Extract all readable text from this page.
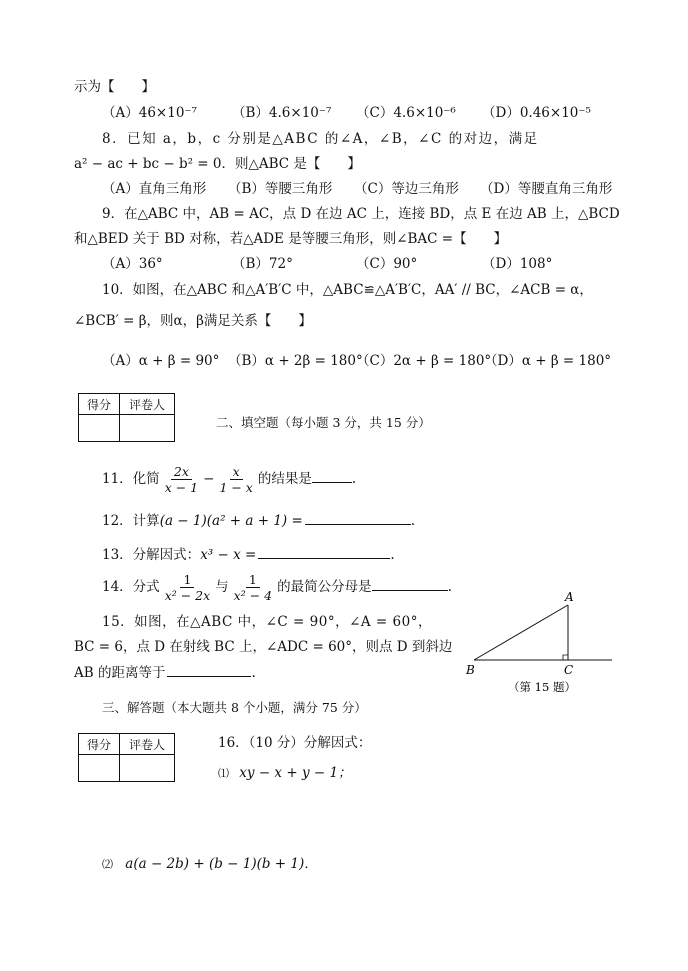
示为【　　】
（A）46×10⁻⁷	（B）4.6×10⁻⁷ （C）4.6×10⁻⁶ （D）0.46×10⁻⁵
8．已知 a，b，c 分别是△ABC 的∠A，∠B，∠C 的对边，满足
a² − ac + bc − b² = 0．则△ABC 是【　　】
（A）直角三角形 （B）等腰三角形 （C）等边三角形 （D）等腰直角三角形
9．在△ABC 中，AB = AC，点 D 在边 AC 上，连接 BD，点 E 在边 AB 上，△BCD
和△BED 关于 BD 对称，若△ADE 是等腰三角形，则∠BAC =【　　】
（A）36°	（B）72°	（C）90°	（D）108°
10．如图，在△ABC 和△A′B′C 中，△ABC≌△A′B′C，AA′ // BC，∠ACB = α，
∠BCB′ = β，则α，β满足关系【　　】
（A）α + β = 90° （B）α + 2β = 180°
（C）2α + β = 180°
（D）α + β = 180°
得分	评卷人

二、填空题（每小题 3 分，共 15 分）
11．化简 $\frac{2x}{x - 1} - \frac{x}{1 - x}$ 的结果是	.
12．计算(a − 1)(a² + a + 1) =	.
13．分解因式：x³ − x =	.
14．分式 $\frac{1}{\text{x² − 2x}}$ 与 $\frac{1}{\text{x² − 4}}$ 的最简公分母是	.
15．如图，在△ABC 中，∠C = 90°，∠A = 60°，
BC = 6，点 D 在射线 BC 上，∠ADC = 60°，则点 D 到斜边
AB 的距离等于	.
A
B	C
（第 15 题）
三、解答题（本大题共 8 个小题，满分 75 分）
得分	评卷人
		16．（10 分）分解因式：
⑴ xy − x + y − 1；
⑵ a(a − 2b) + (b − 1)(b + 1)．
